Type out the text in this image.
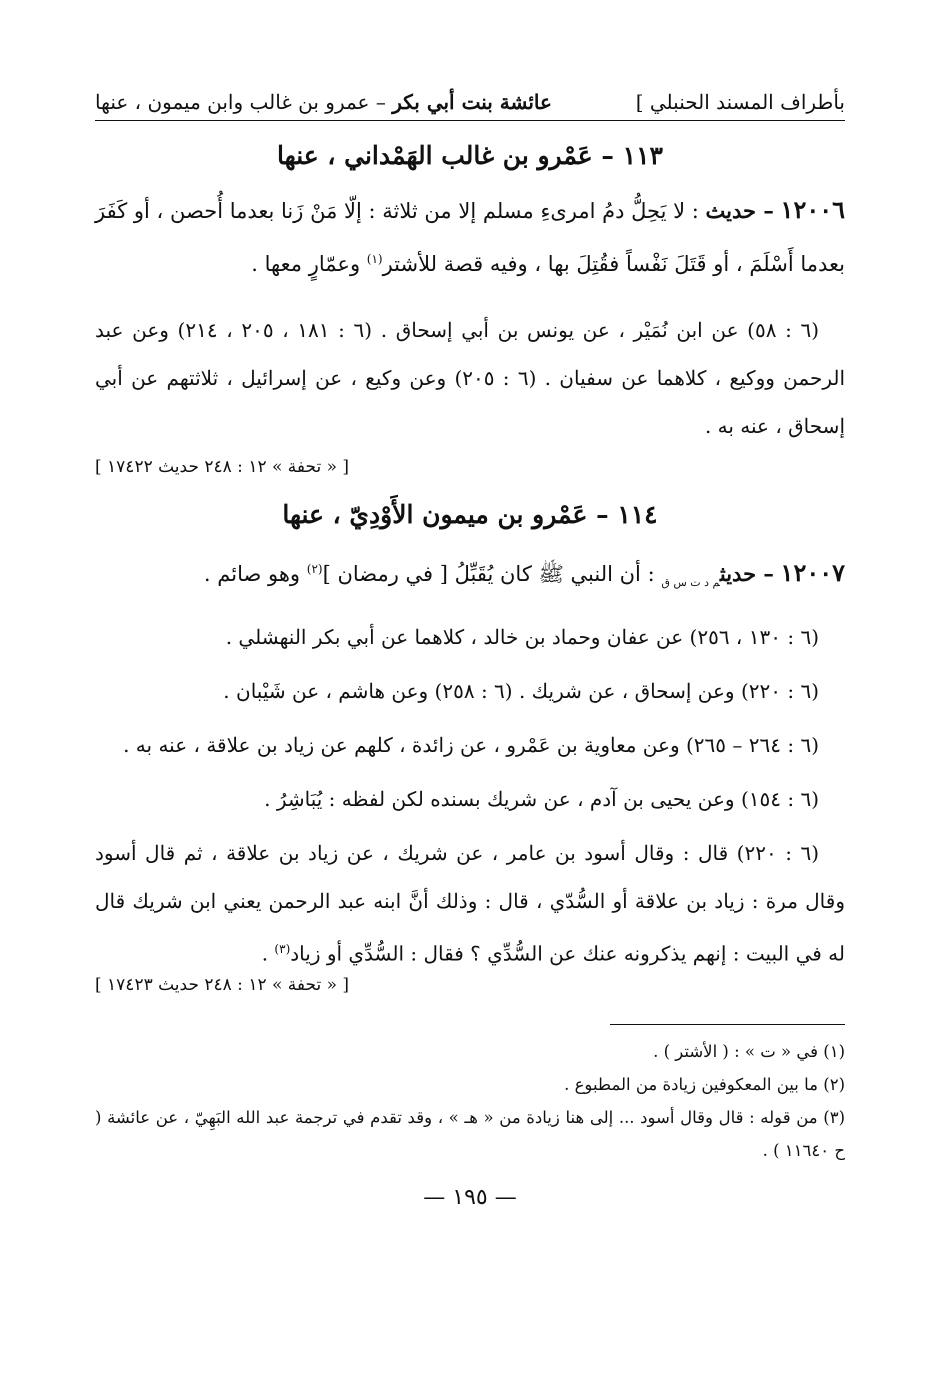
بأطراف المسند الحنبلي ]
عائشة بنت أبي بكر – عمرو بن غالب وابن ميمون ، عنها
١١٣ – عَمْرو بن غالب الهَمْداني ، عنها

١٢٠٠٦ – حديث : لا يَحِلُّ دمُ امرىءِ مسلم إلا من ثلاثة : إلّا مَنْ زَنا بعدما أُحصن ، أو كَفَرَ بعدما أَسْلَمَ ، أو قَتَلَ نَفْساً فقُتِلَ بها ، وفيه قصة للأشتر$^{(١)}$ وعمّارٍ معها .

(٦ : ٥٨) عن ابن نُمَيْر ، عن يونس بن أبي إسحاق . (٦ : ١٨١ ، ٢٠٥ ، ٢١٤) وعن عبد الرحمن ووكيع ، كلاهما عن سفيان . (٦ : ٢٠٥) وعن وكيع ، عن إسرائيل ، ثلاثتهم عن أبي إسحاق ، عنه به .

[ « تحفة » ١٢ : ٢٤٨ حديث ١٧٤٢٢ ]

١١٤ – عَمْرو بن ميمون الأَوْدِيّ ، عنها

١٢٠٠٧ – حديث$_{م د ت س ق}$ : أن النبي ﷺ كان يُقَبِّلُ [ في رمضان ]$^{(٢)}$ وهو صائم .

(٦ : ١٣٠ ، ٢٥٦) عن عفان وحماد بن خالد ، كلاهما عن أبي بكر النهشلي .

(٦ : ٢٢٠) وعن إسحاق ، عن شريك . (٦ : ٢٥٨) وعن هاشم ، عن شَيْبان .

(٦ : ٢٦٤ – ٢٦٥) وعن معاوية بن عَمْرو ، عن زائدة ، كلهم عن زياد بن علاقة ، عنه به .

(٦ : ١٥٤) وعن يحيى بن آدم ، عن شريك بسنده لكن لفظه : يُبَاشِرُ .

(٦ : ٢٢٠) قال : وقال أسود بن عامر ، عن شريك ، عن زياد بن علاقة ، ثم قال أسود وقال مرة : زياد بن علاقة أو السُّدّي ، قال : وذلك أنَّ ابنه عبد الرحمن يعني ابن شريك قال له في البيت : إنهم يذكرونه عنك عن السُّدِّي ؟ فقال : السُّدِّي أو زياد$^{(٣)}$ .

[ « تحفة » ١٢ : ٢٤٨ حديث ١٧٤٢٣ ]

(١) في « ت » : ( الأشتر ) .

(٢) ما بين المعكوفين زيادة من المطبوع .

(٣) من قوله : قال وقال أسود ... إلى هنا زيادة من « هـ » ، وقد تقدم في ترجمة عبد الله البَهِيّ ، عن عائشة ( ح ١١٦٤٠ ) .

— ١٩٥ —
